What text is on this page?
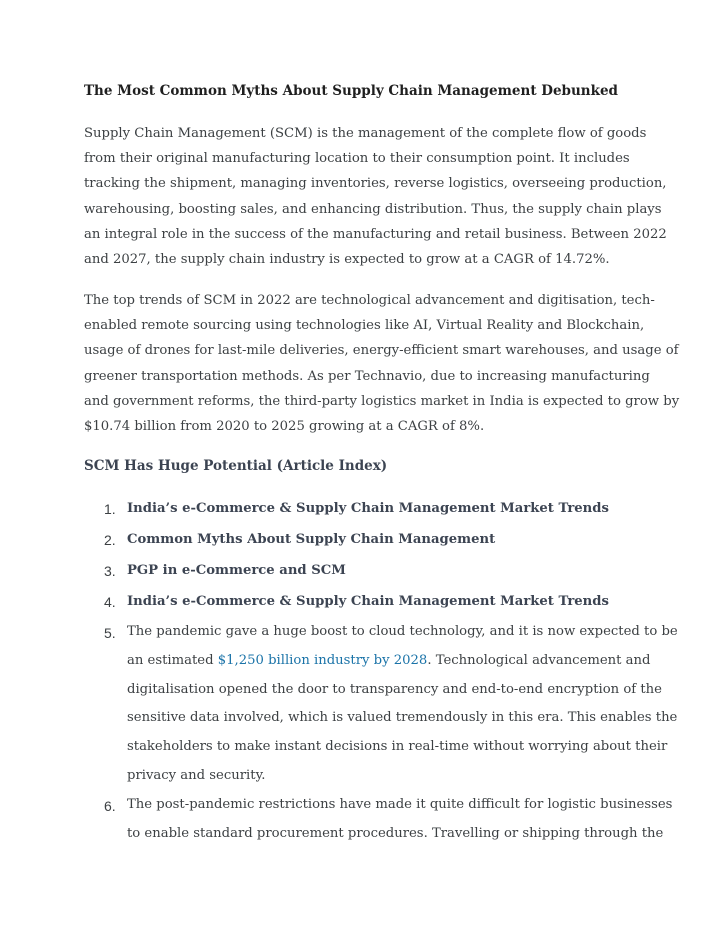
The Most Common Myths About Supply Chain Management Debunked

Supply Chain Management (SCM) is the management of the complete flow of goods
from their original manufacturing location to their consumption point. It includes
tracking the shipment, managing inventories, reverse logistics, overseeing production,
warehousing, boosting sales, and enhancing distribution. Thus, the supply chain plays
an integral role in the success of the manufacturing and retail business. Between 2022
and 2027, the supply chain industry is expected to grow at a CAGR of 14.72%.

The top trends of SCM in 2022 are technological advancement and digitisation, tech-
enabled remote sourcing using technologies like AI, Virtual Reality and Blockchain,
usage of drones for last-mile deliveries, energy-efficient smart warehouses, and usage of
greener transportation methods. As per Technavio, due to increasing manufacturing
and government reforms, the third-party logistics market in India is expected to grow by
$10.74 billion from 2020 to 2025 growing at a CAGR of 8%.

SCM Has Huge Potential (Article Index)
1. India’s e-Commerce & Supply Chain Management Market Trends
2. Common Myths About Supply Chain Management
3. PGP in e-Commerce and SCM
4. India’s e-Commerce & Supply Chain Management Market Trends
5. The pandemic gave a huge boost to cloud technology, and it is now expected to be
an estimated $1,250 billion industry by 2028. Technological advancement and
digitalisation opened the door to transparency and end-to-end encryption of the
sensitive data involved, which is valued tremendously in this era. This enables the
stakeholders to make instant decisions in real-time without worrying about their
privacy and security.
6. The post-pandemic restrictions have made it quite difficult for logistic businesses
to enable standard procurement procedures. Travelling or shipping through the
